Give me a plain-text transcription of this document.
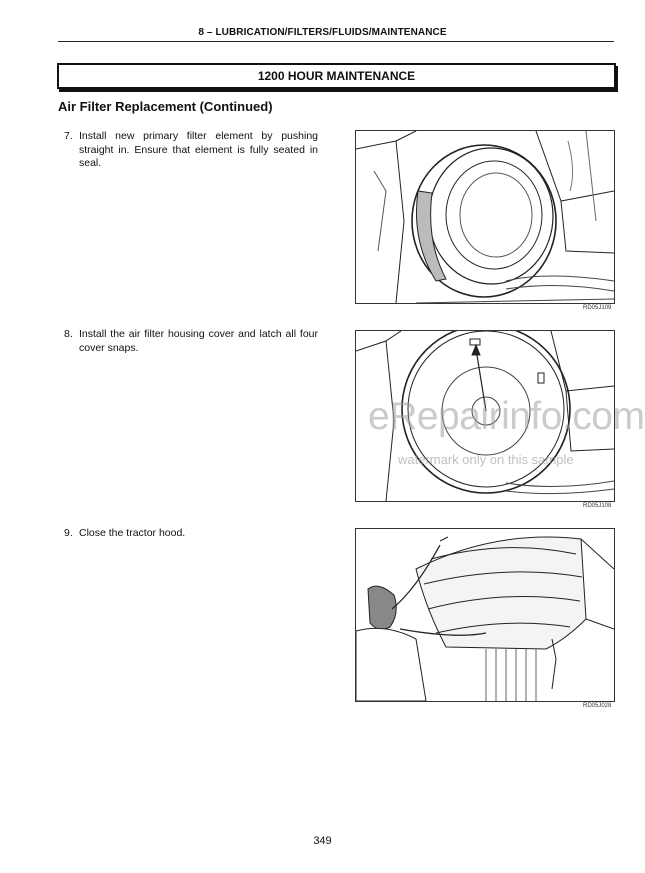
8 – LUBRICATION/FILTERS/FLUIDS/MAINTENANCE
1200 HOUR MAINTENANCE
Air Filter Replacement (Continued)
7. Install new primary filter element by pushing straight in. Ensure that element is fully seated in seal.
RD05J109
8. Install the air filter housing cover and latch all four cover snaps.
RD05J108
eRepairinfo.com
watermark only on this sample
9. Close the tractor hood.
RD05J028
349
